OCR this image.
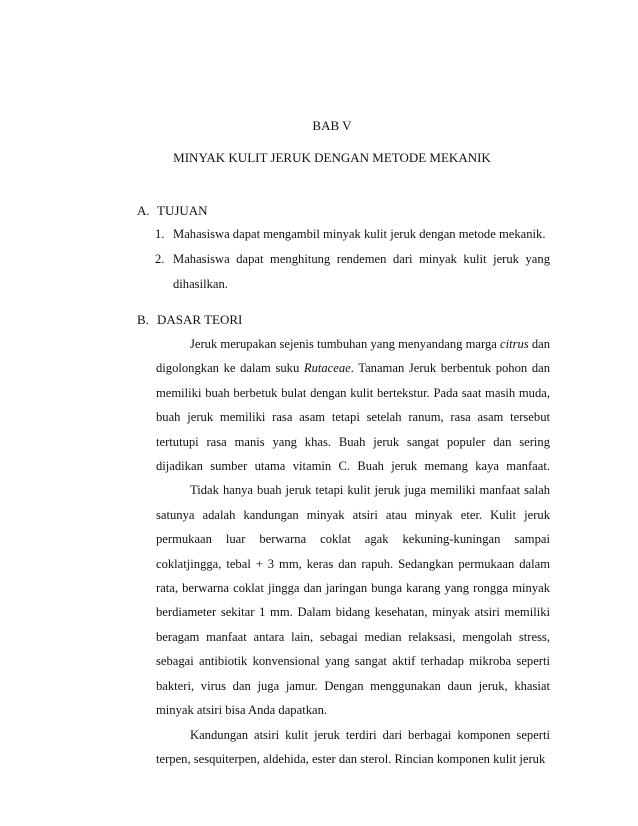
BAB V
MINYAK KULIT JERUK DENGAN METODE MEKANIK
A. TUJUAN
1. Mahasiswa dapat mengambil minyak kulit jeruk dengan metode mekanik.
2. Mahasiswa dapat menghitung rendemen dari minyak kulit jeruk yang dihasilkan.
B. DASAR TEORI

Jeruk merupakan sejenis tumbuhan yang menyandang marga citrus dan digolongkan ke dalam suku Rutaceae. Tanaman Jeruk berbentuk pohon dan memiliki buah berbetuk bulat dengan kulit bertekstur. Pada saat masih muda, buah jeruk memiliki rasa asam tetapi setelah ranum, rasa asam tersebut tertutupi rasa manis yang khas. Buah jeruk sangat populer dan sering dijadikan sumber utama vitamin C. Buah jeruk memang kaya manfaat.

Tidak hanya buah jeruk tetapi kulit jeruk juga memiliki manfaat salah satunya adalah kandungan minyak atsiri atau minyak eter. Kulit jeruk permukaan luar berwarna coklat agak kekuning-kuningan sampai coklatjingga, tebal + 3 mm, keras dan rapuh. Sedangkan permukaan dalam rata, berwarna coklat jingga dan jaringan bunga karang yang rongga minyak berdiameter sekitar 1 mm. Dalam bidang kesehatan, minyak atsiri memiliki beragam manfaat antara lain, sebagai median relaksasi, mengolah stress, sebagai antibiotik konvensional yang sangat aktif terhadap mikroba seperti bakteri, virus dan juga jamur. Dengan menggunakan daun jeruk, khasiat minyak atsiri bisa Anda dapatkan.

Kandungan atsiri kulit jeruk terdiri dari berbagai komponen seperti terpen, sesquiterpen, aldehida, ester dan sterol. Rincian komponen kulit jeruk
